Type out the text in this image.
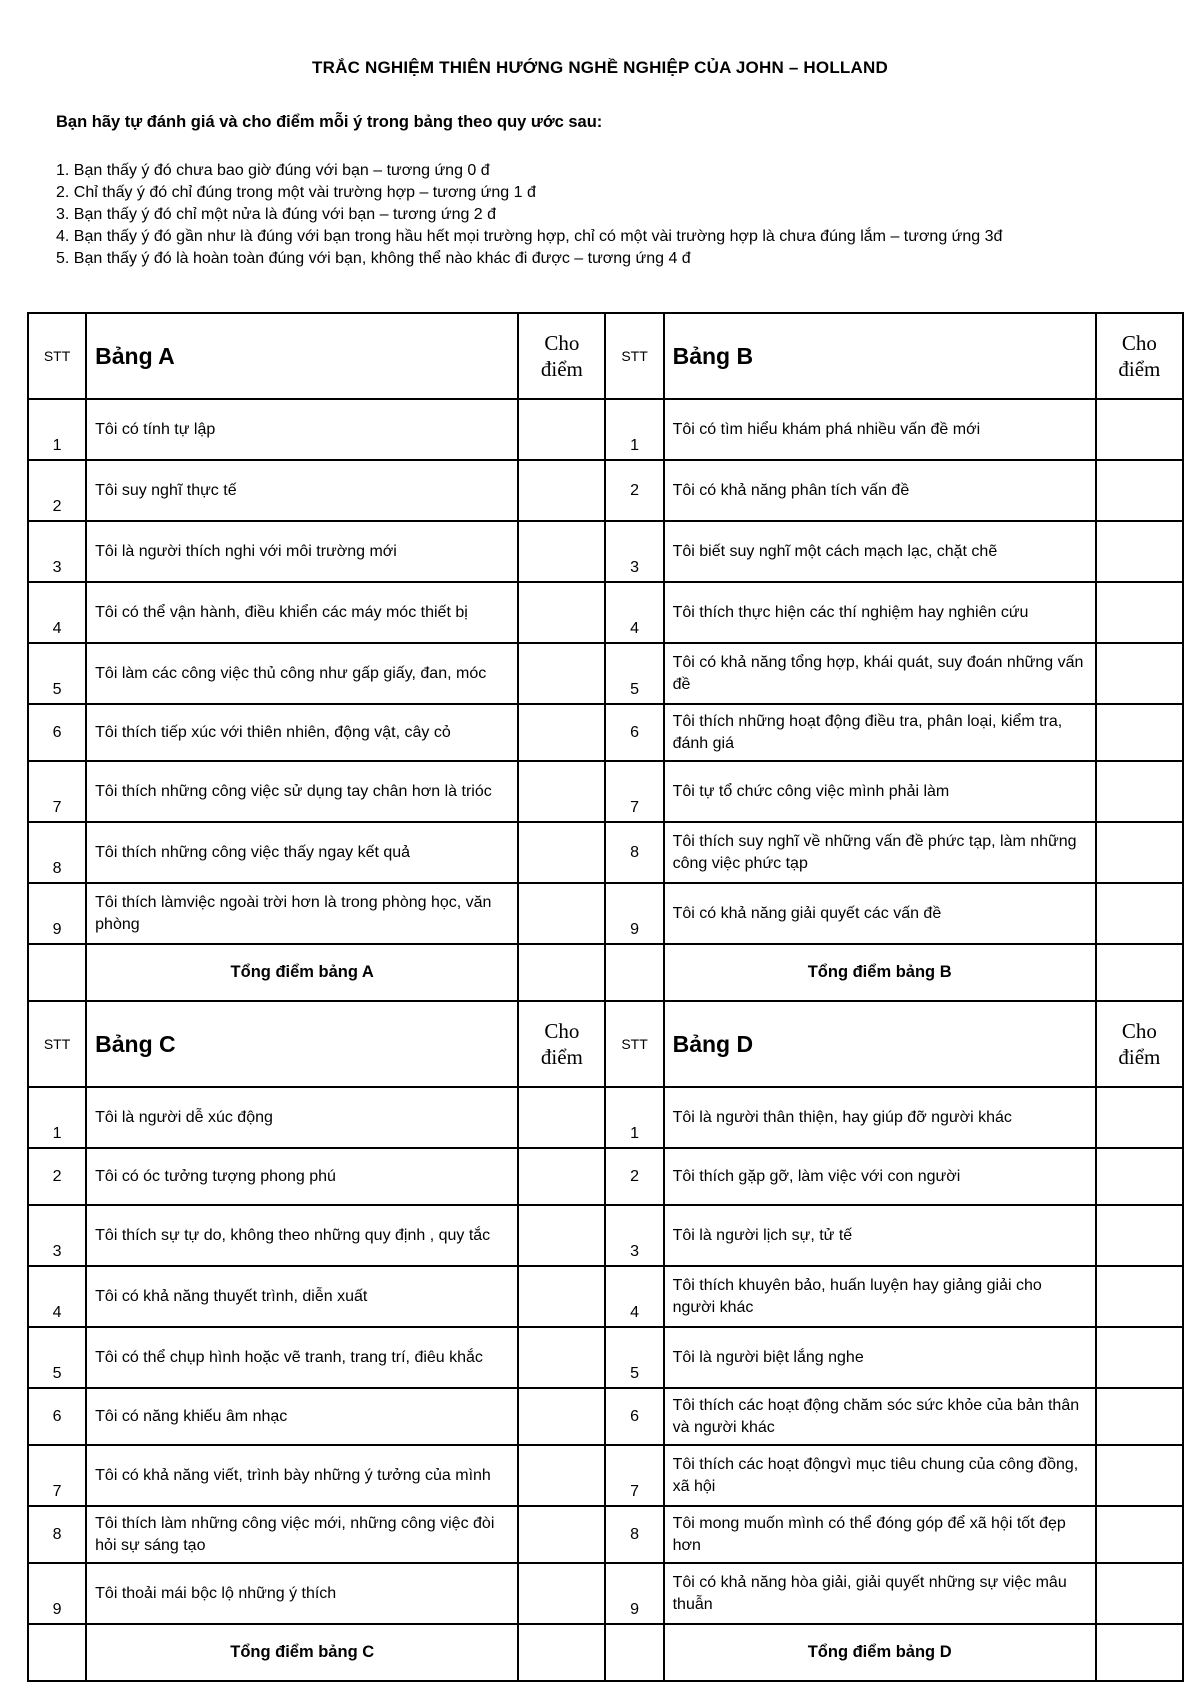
TRẮC NGHIỆM THIÊN HƯỚNG NGHỀ NGHIỆP CỦA JOHN – HOLLAND
Bạn hãy tự đánh giá và cho điểm mỗi ý trong bảng theo quy ước sau:
1. Bạn thấy ý đó chưa bao giờ đúng với bạn – tương ứng 0 đ
2. Chỉ thấy ý đó chỉ đúng trong một vài trường hợp – tương ứng 1 đ
3. Bạn thấy ý đó chỉ một nửa là đúng với bạn – tương ứng 2 đ
4. Bạn thấy ý đó gần như là đúng với bạn trong hầu hết mọi trường hợp, chỉ có một vài trường hợp là chưa đúng lắm – tương ứng 3đ
5. Bạn thấy ý đó là hoàn toàn đúng với bạn, không thể nào khác đi được – tương ứng 4 đ
STT	Bảng A	Cho điểm	STT	Bảng B	Cho điểm
1	Tôi có tính tự lập		1	Tôi có tìm hiểu khám phá nhiều vấn đề mới	
2	Tôi suy nghĩ thực tế		2	Tôi có khả năng phân tích vấn đề	
3	Tôi là người thích nghi với môi trường mới		3	Tôi biết suy nghĩ một cách mạch lạc, chặt chẽ	
4	Tôi có thể vận hành, điều khiển các máy móc thiết bị		4	Tôi thích thực hiện các thí nghiệm hay nghiên cứu	
5	Tôi làm các công việc thủ công như gấp giấy, đan, móc		5	Tôi có khả năng tổng hợp, khái quát, suy đoán những vấn đề	
6	Tôi thích tiếp xúc với thiên nhiên, động vật, cây cỏ		6	Tôi thích những hoạt động điều tra, phân loại, kiểm tra, đánh giá	
7	Tôi thích những công việc sử dụng tay chân hơn là trióc		7	Tôi tự tổ chức công việc mình phải làm	
8	Tôi thích những công việc thấy ngay kết quả		8	Tôi thích suy nghĩ về những vấn đề phức tạp, làm những công việc phức tạp	
9	Tôi thích làmviệc ngoài trời hơn là trong phòng học, văn phòng		9	Tôi có khả năng giải quyết các vấn đề	
	Tổng điểm bảng A			Tổng điểm bảng B	
STT	Bảng C	Cho điểm	STT	Bảng D	Cho điểm
1	Tôi là người dễ xúc động		1	Tôi là người thân thiện, hay giúp đỡ người khác	
2	Tôi có óc tưởng tượng phong phú		2	Tôi thích gặp gỡ, làm việc với con người	
3	Tôi thích sự tự do, không theo những quy định , quy tắc		3	Tôi là người lịch sự, tử tế	
4	Tôi có khả năng thuyết trình, diễn xuất		4	Tôi thích khuyên bảo, huấn luyện hay giảng giải cho người khác	
5	Tôi có thể chụp hình hoặc vẽ tranh, trang trí, điêu khắc		5	Tôi là người biệt lắng nghe	
6	Tôi có năng khiếu âm nhạc		6	Tôi thích các hoạt động chăm sóc sức khỏe của bản thân và người khác	
7	Tôi có khả năng viết, trình bày những ý tưởng của mình		7	Tôi thích các hoạt độngvì mục tiêu chung của công đồng, xã hội	
8	Tôi thích làm những công việc mới, những công việc đòi hỏi sự sáng tạo		8	Tôi mong muốn mình có thể đóng góp để xã hội tốt đẹp hơn	
9	Tôi thoải mái bộc lộ những ý thích		9	Tôi có khả năng hòa giải, giải quyết những sự việc mâu thuẫn	
	Tổng điểm bảng C			Tổng điểm bảng D	
